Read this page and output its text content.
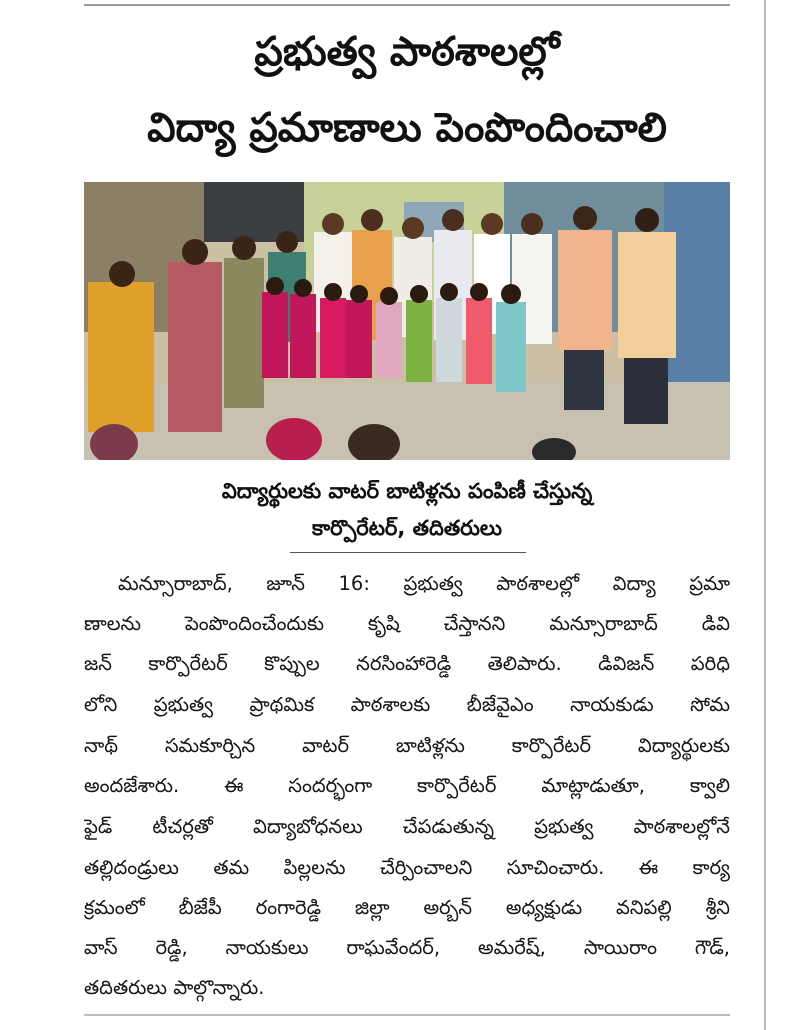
ప్రభుత్వ పాఠశాలల్లో
విద్యా ప్రమాణాలు పెంపొందించాలి
విద్యార్థులకు వాటర్ బాటిళ్లను పంపిణీ చేస్తున్న
కార్పొరేటర్, తదితరులు
మన్సూరాబాద్, జూన్ 16: ప్రభుత్వ పాఠశాలల్లో విద్యా ప్రమా
ణాలను పెంపొందించేందుకు కృషి చేస్తానని మన్సూరాబాద్ డివి
జన్ కార్పొరేటర్ కొప్పుల నరసింహారెడ్డి తెలిపారు. డివిజన్ పరిధి
లోని ప్రభుత్వ ప్రాథమిక పాఠశాలకు బీజేవైఎం నాయకుడు సోమ
నాథ్ సమకూర్చిన వాటర్ బాటిళ్లను కార్పొరేటర్ విద్యార్థులకు
అందజేశారు. ఈ సందర్భంగా కార్పొరేటర్ మాట్లాడుతూ, క్వాలి
ఫైడ్ టీచర్లతో విద్యాబోధనలు చేపడుతున్న ప్రభుత్వ పాఠశాలల్లోనే
తల్లిదండ్రులు తమ పిల్లలను చేర్పించాలని సూచించారు. ఈ కార్య
క్రమంలో బీజేపీ రంగారెడ్డి జిల్లా అర్బన్ అధ్యక్షుడు వనిపల్లి శ్రీని
వాస్ రెడ్డి, నాయకులు రాఘవేందర్, అమరేష్, సాయిరాం గౌడ్,
తదితరులు పాల్గొన్నారు.
